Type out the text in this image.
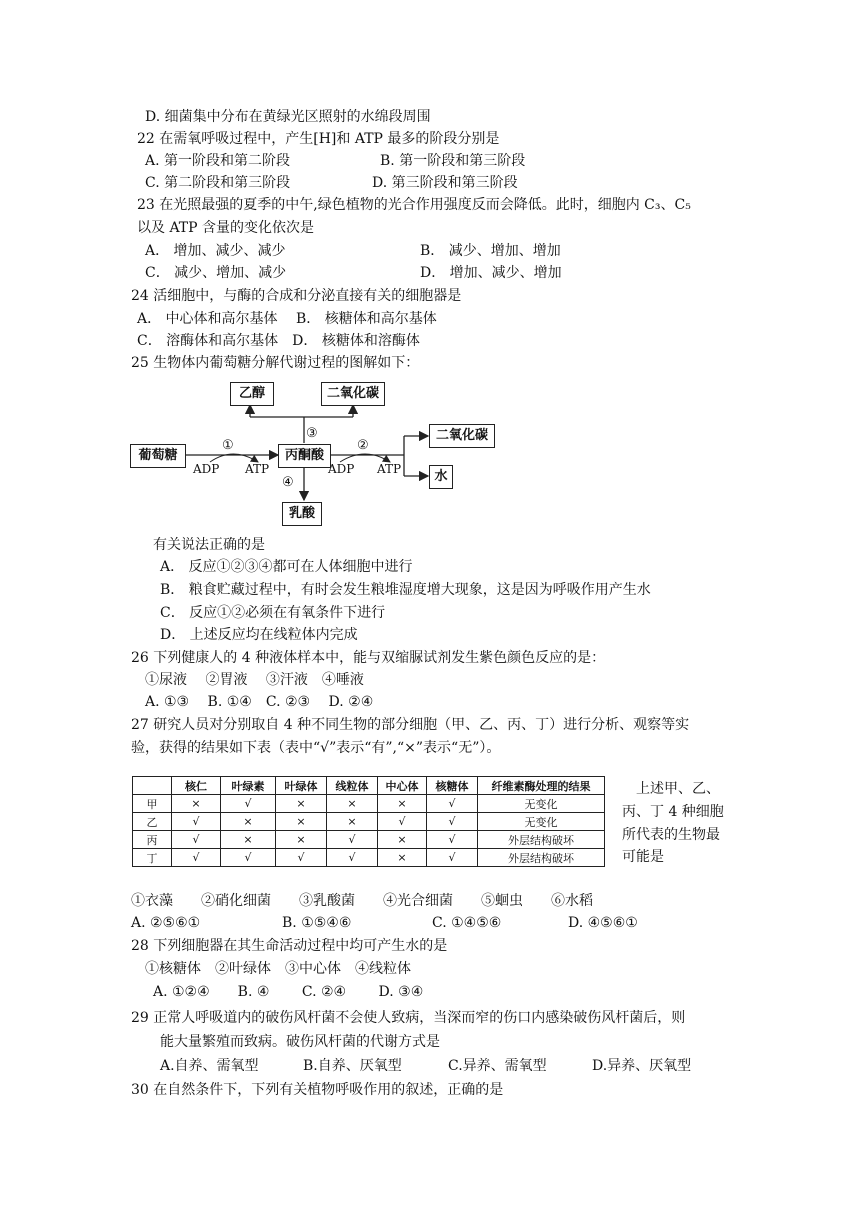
D. 细菌集中分布在黄绿光区照射的水绵段周围
22 在需氧呼吸过程中，产生[H]和 ATP 最多的阶段分别是
A. 第一阶段和第二阶段	B. 第一阶段和第三阶段
C. 第二阶段和第三阶段	D. 第三阶段和第三阶段
23 在光照最强的夏季的中午,绿色植物的光合作用强度反而会降低。此时，细胞内 C₃、C₅
以及 ATP 含量的变化依次是
A． 增加、减少、减少	B． 减少、增加、增加
C． 减少、增加、减少	D． 增加、减少、增加
24 活细胞中，与酶的合成和分泌直接有关的细胞器是
A． 中心体和高尔基体　 B． 核糖体和高尔基体
C． 溶酶体和高尔基体　D． 核糖体和溶酶体
25 生物体内葡萄糖分解代谢过程的图解如下：
乙醇	二氧化碳
葡萄糖	丙酮酸
二氧化碳
水
乳酸
①	②
③
④
ADP ATP	ADP ATP
有关说法正确的是
A． 反应①②③④都可在人体细胞中进行
B． 粮食贮藏过程中，有时会发生粮堆湿度增大现象，这是因为呼吸作用产生水
C． 反应①②必须在有氧条件下进行
D． 上述反应均在线粒体内完成
26 下列健康人的 4 种液体样本中，能与双缩脲试剂发生紫色颜色反应的是：
①尿液　 ②胃液　 ③汗液　④唾液
A. ①③　 B. ①④　C. ②③　 D. ②④
27 研究人员对分别取自 4 种不同生物的部分细胞（甲、乙、丙、丁）进行分析、观察等实
验，获得的结果如下表（表中“√”表示“有”,“×”表示“无”）。
	核仁	叶绿素	叶绿体	线粒体	中心体	核糖体	纤维素酶处理的结果
甲	×	√	×	×	×	√	无变化
乙	√	×	×	×	√	√	无变化
丙	√	×	×	√	×	√	外层结构破坏
丁	√	√	√	√	×	√	外层结构破坏
上述甲、乙、
丙、丁 4 种细胞
所代表的生物最
可能是
①衣藻　　②硝化细菌　　③乳酸菌　　④光合细菌　　⑤蛔虫　　⑥水稻
A. ②⑤⑥①	B. ①⑤④⑥	C. ①④⑤⑥	D. ④⑤⑥①
28 下列细胞器在其生命活动过程中均可产生水的是
①核糖体　②叶绿体　③中心体　④线粒体
A. ①②④　　B. ④　　 C. ②④　　 D. ③④
29 正常人呼吸道内的破伤风杆菌不会使人致病，当深而窄的伤口内感染破伤风杆菌后，则
能大量繁殖而致病。破伤风杆菌的代谢方式是
A.自养、需氧型	B.自养、厌氧型	C.异养、需氧型	D.异养、厌氧型
30 在自然条件下，下列有关植物呼吸作用的叙述，正确的是
